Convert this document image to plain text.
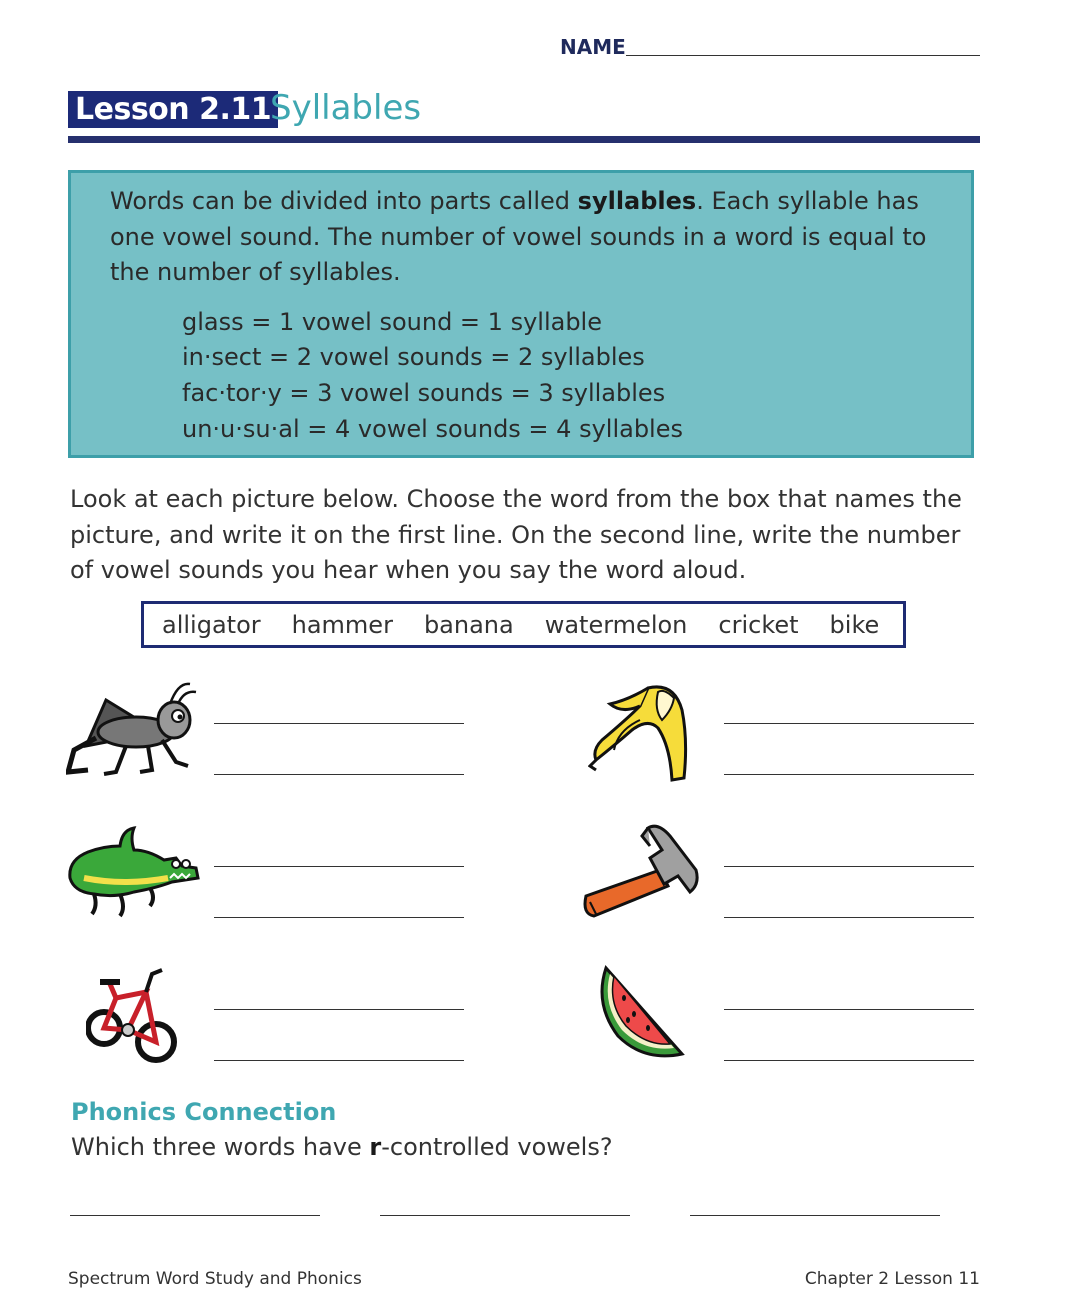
NAME
Lesson 2.11
Syllables
Words can be divided into parts called syllables. Each syllable has one vowel sound. The number of vowel sounds in a word is equal to the number of syllables.
glass = 1 vowel sound = 1 syllable
in·sect = 2 vowel sounds = 2 syllables
fac·tor·y = 3 vowel sounds = 3 syllables
un·u·su·al = 4 vowel sounds = 4 syllables
Look at each picture below. Choose the word from the box that names the picture, and write it on the first line. On the second line, write the number of vowel sounds you hear when you say the word aloud.
alligator hammer banana watermelon cricket bike
Phonics Connection
Which three words have r-controlled vowels?
Spectrum Word Study and Phonics	Chapter 2 Lesson 11
